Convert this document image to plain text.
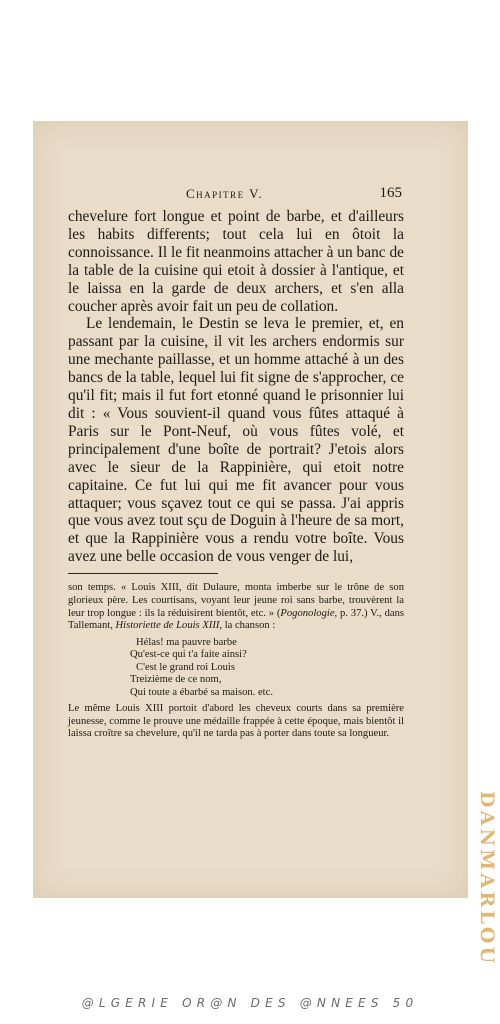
Chapitre V.	165

chevelure fort longue et point de barbe, et d'ailleurs les habits differents; tout cela lui en ôtoit la connoissance. Il le fit neanmoins attacher à un banc de la table de la cuisine qui etoit à dossier à l'antique, et le laissa en la garde de deux archers, et s'en alla coucher après avoir fait un peu de collation.

Le lendemain, le Destin se leva le premier, et, en passant par la cuisine, il vit les archers endormis sur une mechante paillasse, et un homme attaché à un des bancs de la table, lequel lui fit signe de s'approcher, ce qu'il fit; mais il fut fort etonné quand le prisonnier lui dit : « Vous souvient-il quand vous fûtes attaqué à Paris sur le Pont-Neuf, où vous fûtes volé, et principalement d'une boîte de portrait? J'etois alors avec le sieur de la Rappinière, qui etoit notre capitaine. Ce fut lui qui me fit avancer pour vous attaquer; vous sçavez tout ce qui se passa. J'ai appris que vous avez tout sçu de Doguin à l'heure de sa mort, et que la Rappinière vous a rendu votre boîte. Vous avez une belle occasion de vous venger de lui,

son temps. « Louis XIII, dit Dulaure, monta imberbe sur le trône de son glorieux père. Les courtisans, voyant leur jeune roi sans barbe, trouvèrent la leur trop longue : ils la réduisirent bientôt, etc. » (Pogonologie, p. 37.) V., dans Tallemant, Historiette de Louis XIII, la chanson :

Hélas! ma pauvre barbe
Qu'est-ce qui t'a faite ainsi?
C'est le grand roi Louis
Treizième de ce nom,
Qui toute a ébarbé sa maison. etc.

Le même Louis XIII portoit d'abord les cheveux courts dans sa première jeunesse, comme le prouve une médaille frappée à cette époque, mais bientôt il laissa croître sa chevelure, qu'il ne tarda pas à porter dans toute sa longueur.

DANMARLOU
@LGERIE OR@N DES @NNEES 50
